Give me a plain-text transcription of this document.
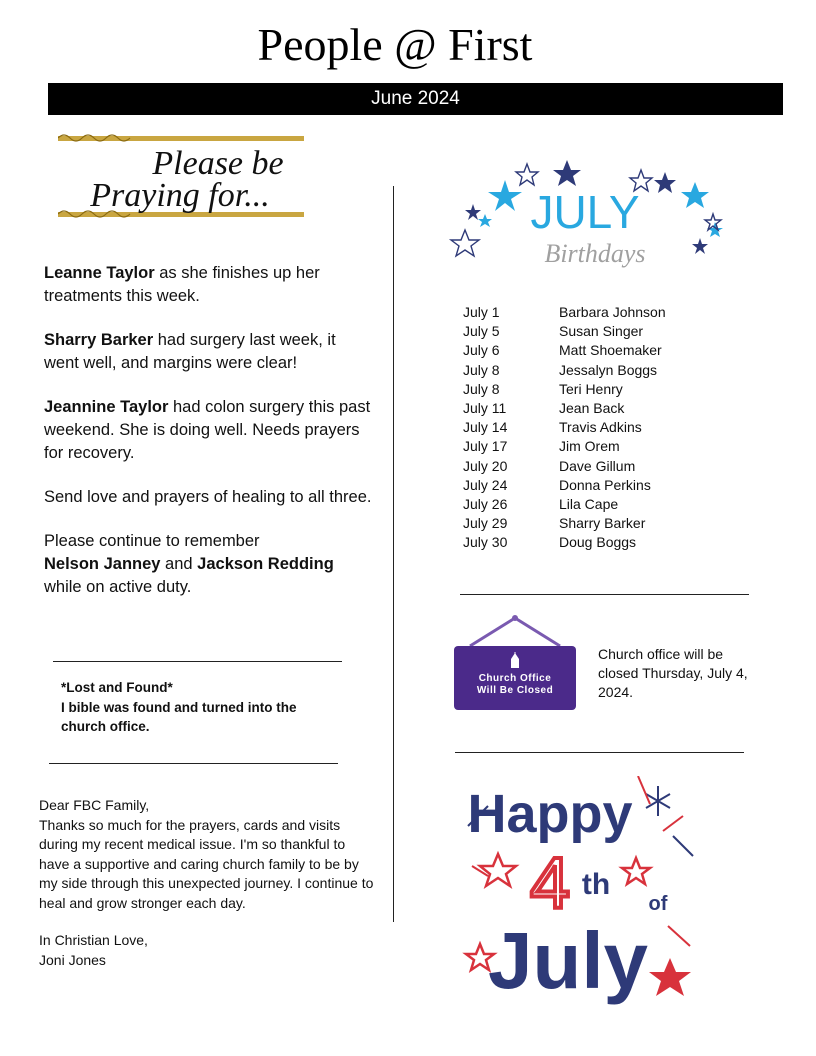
People @ First
June 2024
Please be
Praying for...

Leanne Taylor as she finishes up her treatments this week.

Sharry Barker had surgery last week, it went well, and margins were clear!

Jeannine Taylor had colon surgery this past weekend. She is doing well. Needs prayers for recovery.

Send love and prayers of healing to all three.

Please continue to remember
Nelson Janney and Jackson Redding
while on active duty.

*Lost and Found*
I bible was found and turned into the church office.
Dear FBC Family,

Thanks so much for the prayers, cards and visits during my recent medical issue. I'm so thankful to have a supportive and caring church family to be by my side through this unexpected journey. I continue to heal and grow stronger each day.

In Christian Love,
Joni Jones
JULY
Birthdays
July 1	Barbara Johnson
July 5	Susan Singer
July 6	Matt Shoemaker
July 8	Jessalyn Boggs
July 8	Teri Henry
July 11	Jean Back
July 14	Travis Adkins
July 17	Jim Orem
July 20	Dave Gillum
July 24	Donna Perkins
July 26	Lila Cape
July 29	Sharry Barker
July 30	Doug Boggs
Church Office
Will Be Closed
Church office will be closed Thursday, July 4, 2024.
Happy
4 th
of
July
